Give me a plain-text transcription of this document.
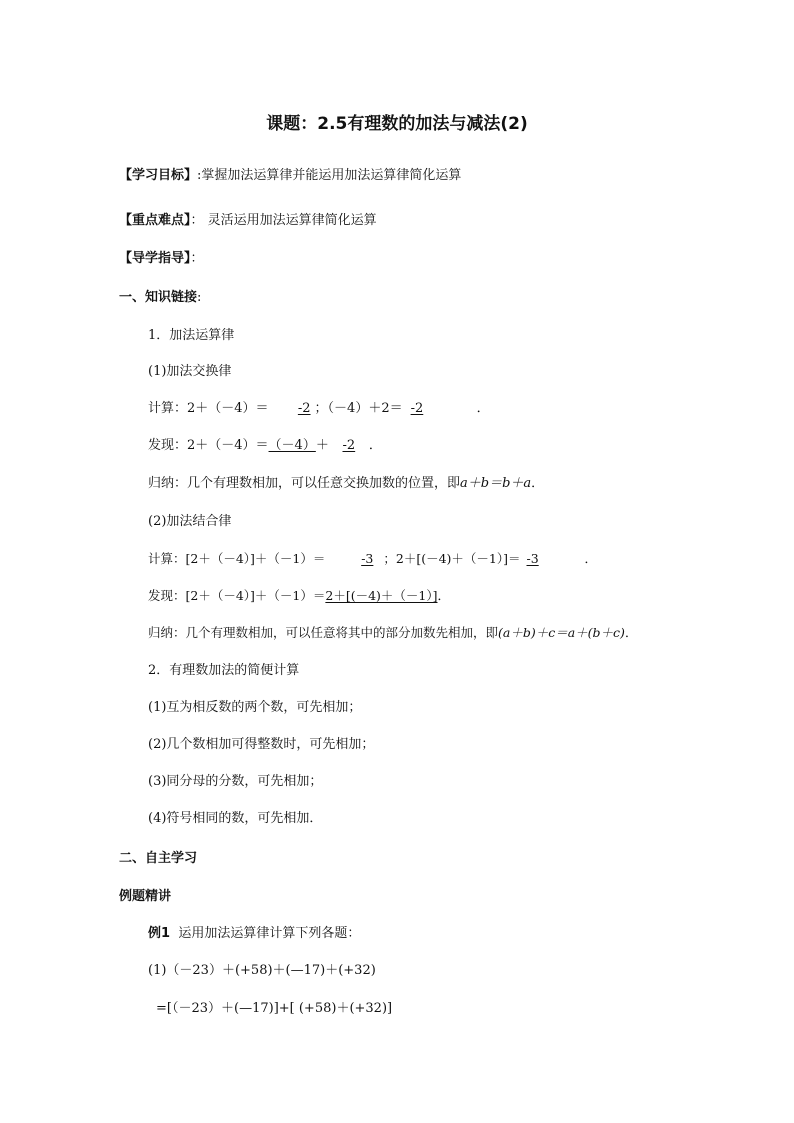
课题：2.5有理数的加法与减法(2)
【学习目标】:掌握加法运算律并能运用加法运算律简化运算
【重点难点】： 灵活运用加法运算律简化运算
【导学指导】：
一、知识链接:
1．加法运算律
(1)加法交换律
计算：2＋（－4）＝ -2 ；（－4）＋2＝ -2	．
发现：2＋（－4）＝（－4）＋ -2 ．
归纳：几个有理数相加，可以任意交换加数的位置，即a＋b＝b＋a．
(2)加法结合律
计算：[2＋（－4）]＋（－1）＝	-3 ；2＋[(－4)＋（－1）]＝ -3	．
发现：[2＋（－4）]＋（－1）＝2＋[(－4)＋（－1）]．
归纳：几个有理数相加，可以任意将其中的部分加数先相加，即(a＋b)＋c＝a＋(b＋c)．
2．有理数加法的简便计算
(1)互为相反数的两个数，可先相加；
(2)几个数相加可得整数时，可先相加；
(3)同分母的分数，可先相加；
(4)符号相同的数，可先相加．
二、自主学习
例题精讲
例1 运用加法运算律计算下列各题：
(1)（－23）＋(+58)＋(—17)＋(+32)
=[（－23）＋(—17)]+[ (+58)＋(+32)]
